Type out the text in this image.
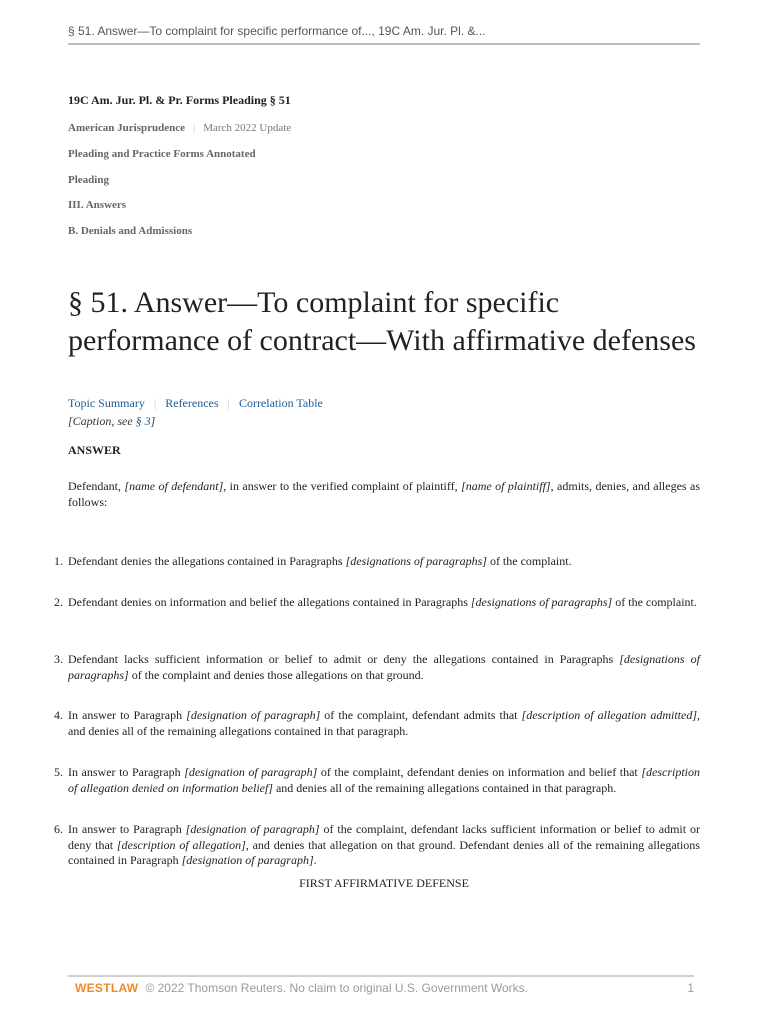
§ 51. Answer—To complaint for specific performance of..., 19C Am. Jur. Pl. &...
19C Am. Jur. Pl. & Pr. Forms Pleading § 51
American Jurisprudence | March 2022 Update
Pleading and Practice Forms Annotated
Pleading
III. Answers
B. Denials and Admissions
§ 51. Answer—To complaint for specific performance of contract—With affirmative defenses
Topic Summary | References | Correlation Table
[Caption, see § 3]
ANSWER
Defendant, [name of defendant], in answer to the verified complaint of plaintiff, [name of plaintiff], admits, denies, and alleges as follows:
1. Defendant denies the allegations contained in Paragraphs [designations of paragraphs] of the complaint.
2. Defendant denies on information and belief the allegations contained in Paragraphs [designations of paragraphs] of the complaint.
3. Defendant lacks sufficient information or belief to admit or deny the allegations contained in Paragraphs [designations of paragraphs] of the complaint and denies those allegations on that ground.
4. In answer to Paragraph [designation of paragraph] of the complaint, defendant admits that [description of allegation admitted], and denies all of the remaining allegations contained in that paragraph.
5. In answer to Paragraph [designation of paragraph] of the complaint, defendant denies on information and belief that [description of allegation denied on information belief] and denies all of the remaining allegations contained in that paragraph.
6. In answer to Paragraph [designation of paragraph] of the complaint, defendant lacks sufficient information or belief to admit or deny that [description of allegation], and denies that allegation on that ground. Defendant denies all of the remaining allegations contained in Paragraph [designation of paragraph].
FIRST AFFIRMATIVE DEFENSE
WESTLAW © 2022 Thomson Reuters. No claim to original U.S. Government Works.	1
